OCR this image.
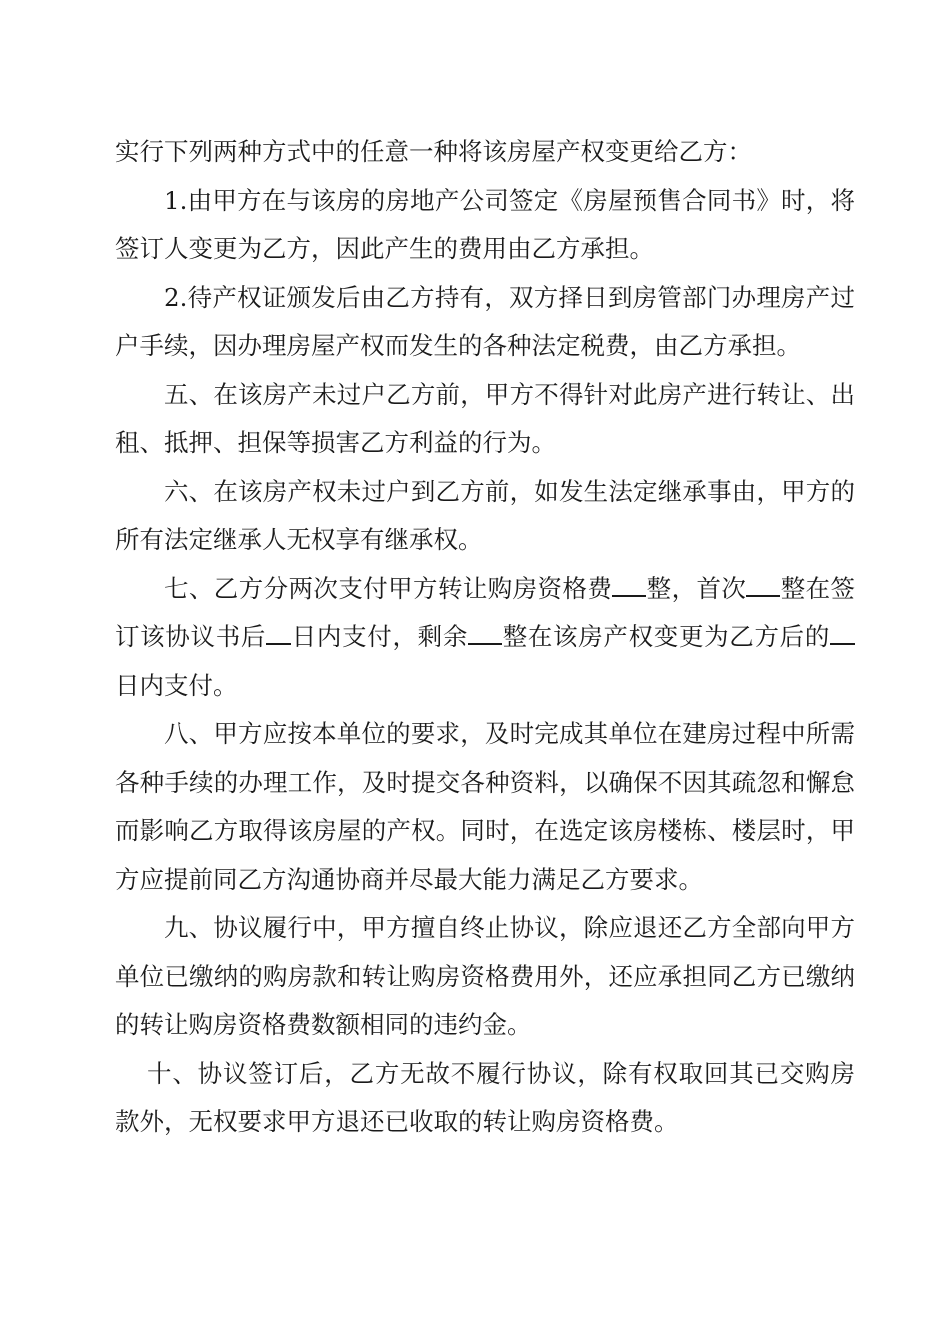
实行下列两种方式中的任意一种将该房屋产权变更给乙方：

1.由甲方在与该房的房地产公司签定《房屋预售合同书》时，将签订人变更为乙方，因此产生的费用由乙方承担。

2.待产权证颁发后由乙方持有，双方择日到房管部门办理房产过户手续，因办理房屋产权而发生的各种法定税费，由乙方承担。

五、在该房产未过户乙方前，甲方不得针对此房产进行转让、出租、抵押、担保等损害乙方利益的行为。

六、在该房产权未过户到乙方前，如发生法定继承事由，甲方的所有法定继承人无权享有继承权。

七、乙方分两次支付甲方转让购房资格费 整，首次 整在签订该协议书后 日内支付，剩余 整在该房产权变更为乙方后的日内支付。

八、甲方应按本单位的要求，及时完成其单位在建房过程中所需各种手续的办理工作，及时提交各种资料，以确保不因其疏忽和懈怠而影响乙方取得该房屋的产权。同时，在选定该房楼栋、楼层时，甲方应提前同乙方沟通协商并尽最大能力满足乙方要求。

九、协议履行中，甲方擅自终止协议，除应退还乙方全部向甲方单位已缴纳的购房款和转让购房资格费用外，还应承担同乙方已缴纳的转让购房资格费数额相同的违约金。

十、协议签订后，乙方无故不履行协议，除有权取回其已交购房款外，无权要求甲方退还已收取的转让购房资格费。
